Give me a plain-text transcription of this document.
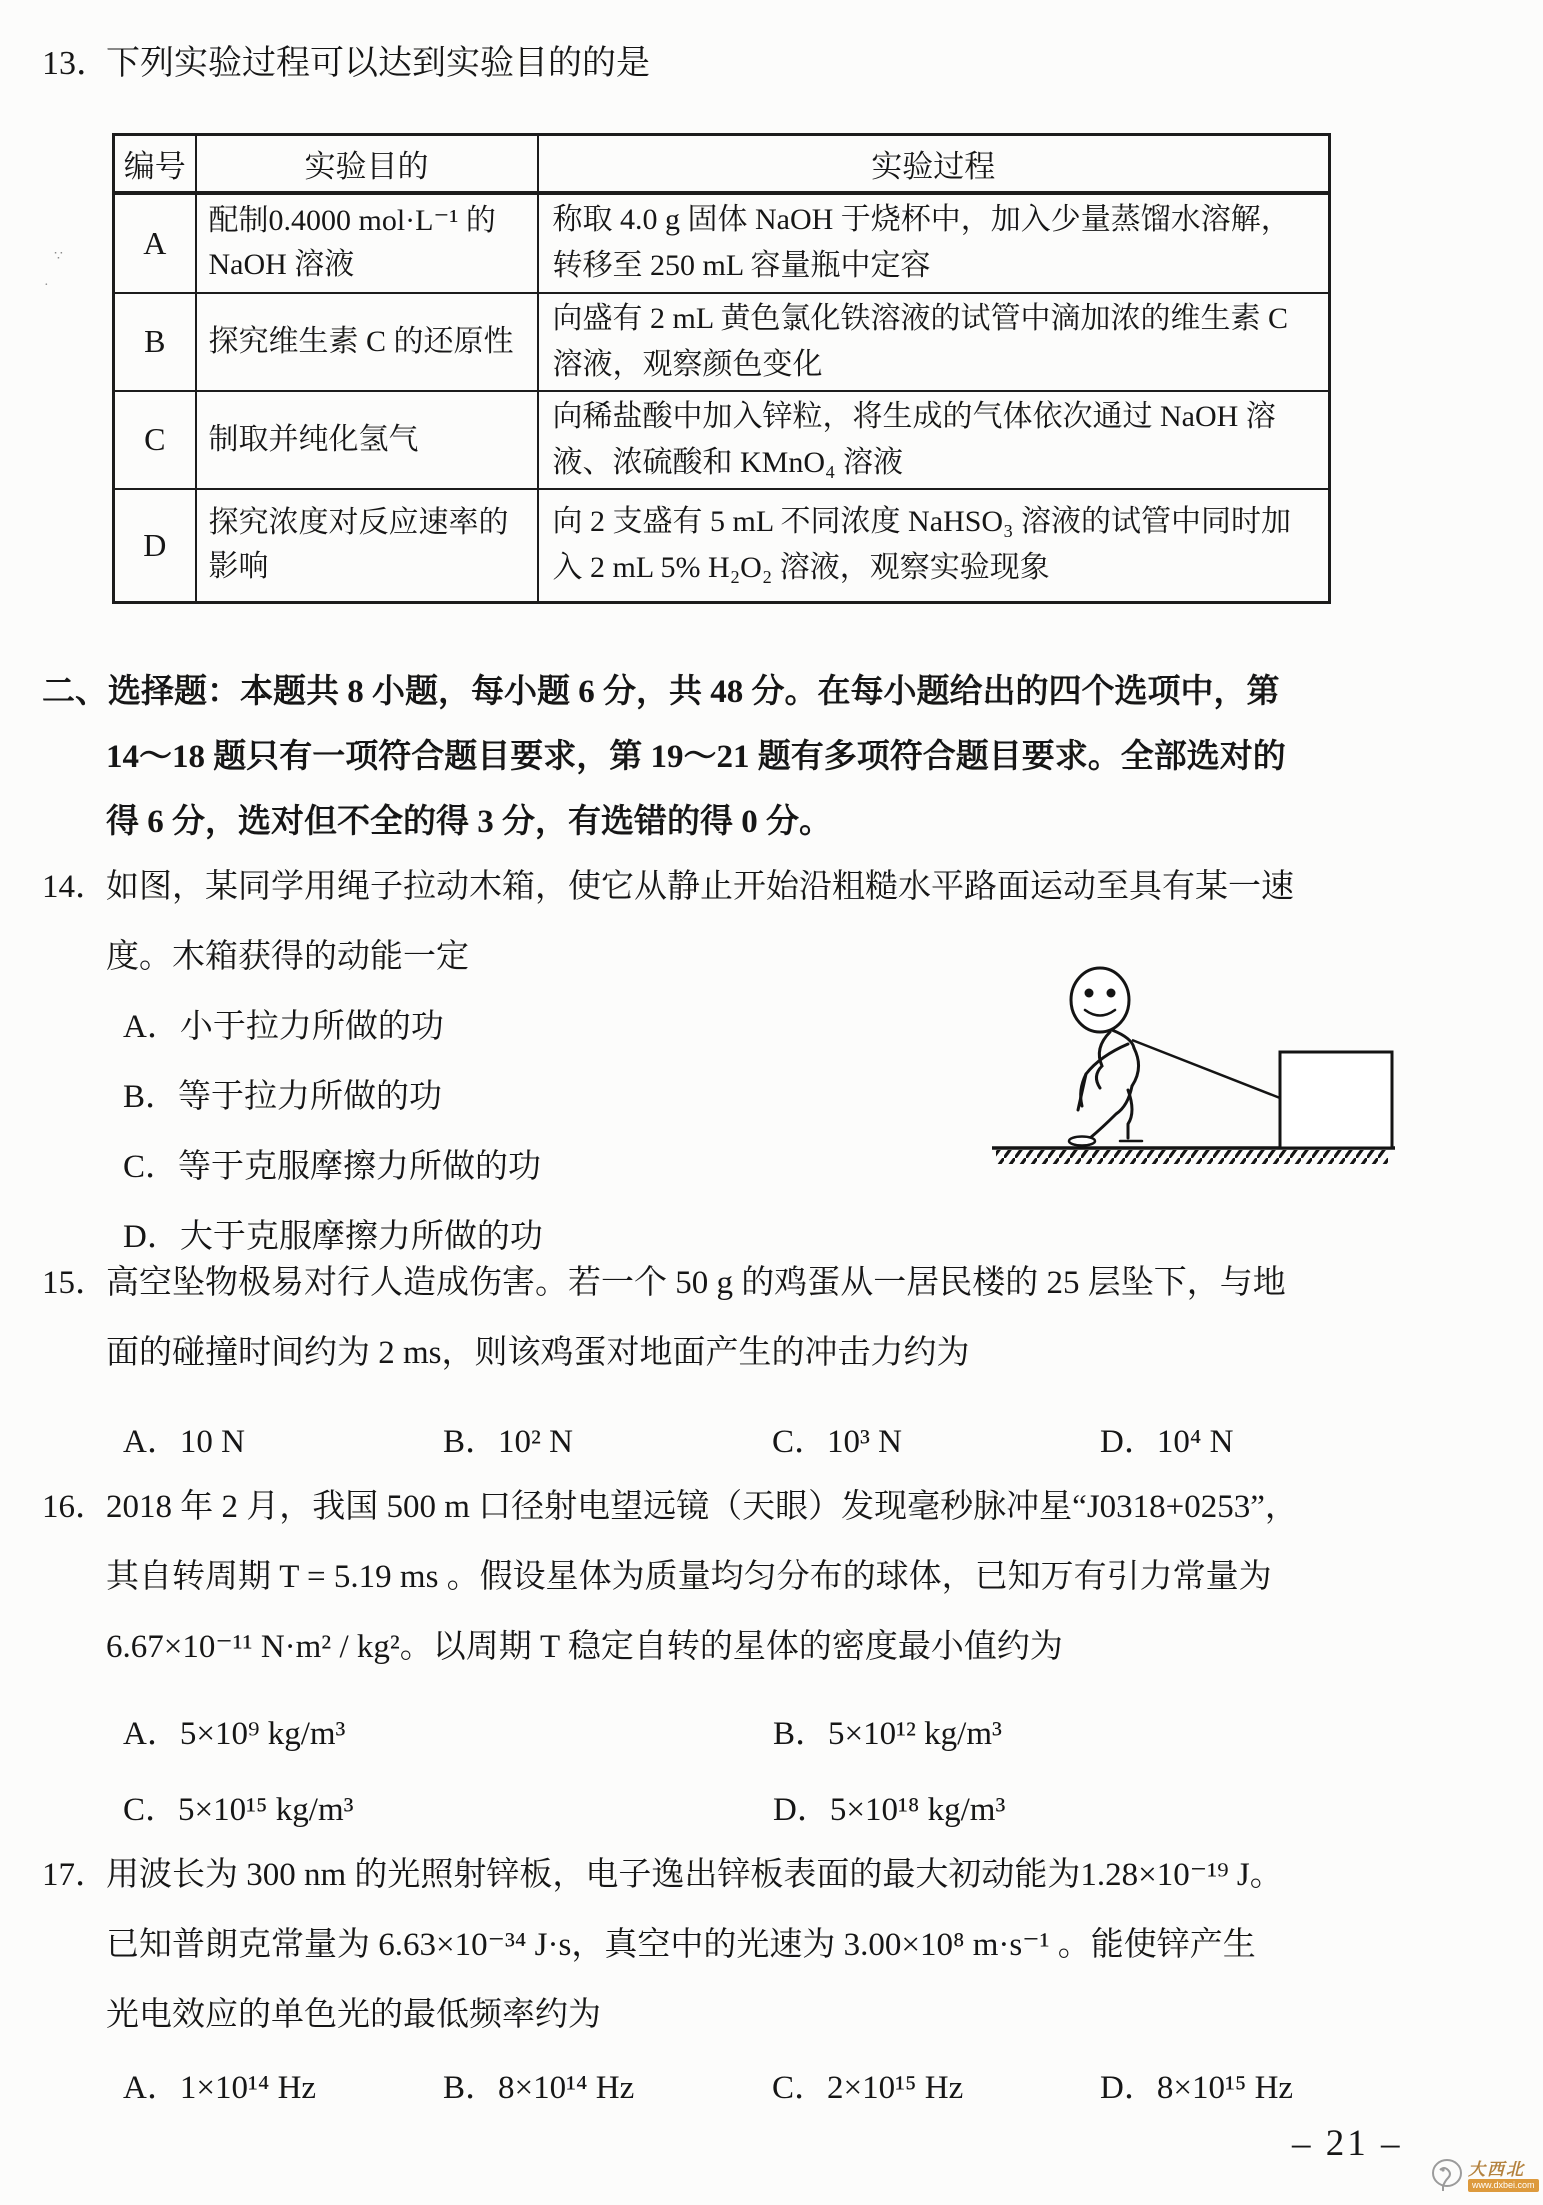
∵
·
13．下列实验过程可以达到实验目的的是
编号	实验目的	实验过程
A	配制0.4000 mol·L⁻¹ 的 NaOH 溶液	称取 4.0 g 固体 NaOH 于烧杯中，加入少量蒸馏水溶解，转移至 250 mL 容量瓶中定容
B	探究维生素 C 的还原性	向盛有 2 mL 黄色氯化铁溶液的试管中滴加浓的维生素 C 溶液，观察颜色变化
C	制取并纯化氢气	向稀盐酸中加入锌粒，将生成的气体依次通过 NaOH 溶液、浓硫酸和 KMnO₄ 溶液
D	探究浓度对反应速率的影响	向 2 支盛有 5 mL 不同浓度 NaHSO₃ 溶液的试管中同时加入 2 mL 5% H₂O₂ 溶液，观察实验现象
二、选择题：本题共 8 小题，每小题 6 分，共 48 分。在每小题给出的四个选项中，第
14～18 题只有一项符合题目要求，第 19～21 题有多项符合题目要求。全部选对的
得 6 分，选对但不全的得 3 分，有选错的得 0 分。
14．如图，某同学用绳子拉动木箱，使它从静止开始沿粗糙水平路面运动至具有某一速
度。木箱获得的动能一定
A．小于拉力所做的功
B．等于拉力所做的功
C．等于克服摩擦力所做的功
D．大于克服摩擦力所做的功
15．高空坠物极易对行人造成伤害。若一个 50 g 的鸡蛋从一居民楼的 25 层坠下，与地
面的碰撞时间约为 2 ms，则该鸡蛋对地面产生的冲击力约为
A．10 N	B．10² N	C．10³ N	D．10⁴ N
16．2018 年 2 月，我国 500 m 口径射电望远镜（天眼）发现毫秒脉冲星“J0318+0253”，
其自转周期 T = 5.19 ms 。假设星体为质量均匀分布的球体，已知万有引力常量为
6.67×10⁻¹¹ N·m² / kg²。以周期 T 稳定自转的星体的密度最小值约为
A．5×10⁹ kg/m³	B．5×10¹² kg/m³
C．5×10¹⁵ kg/m³	D．5×10¹⁸ kg/m³
17．用波长为 300 nm 的光照射锌板，电子逸出锌板表面的最大初动能为1.28×10⁻¹⁹ J。
已知普朗克常量为 6.63×10⁻³⁴ J·s，真空中的光速为 3.00×10⁸ m·s⁻¹ 。能使锌产生
光电效应的单色光的最低频率约为
A．1×10¹⁴ Hz	B．8×10¹⁴ Hz	C．2×10¹⁵ Hz	D．8×10¹⁵ Hz
– 21 –
大西北
www.dxbei.com
